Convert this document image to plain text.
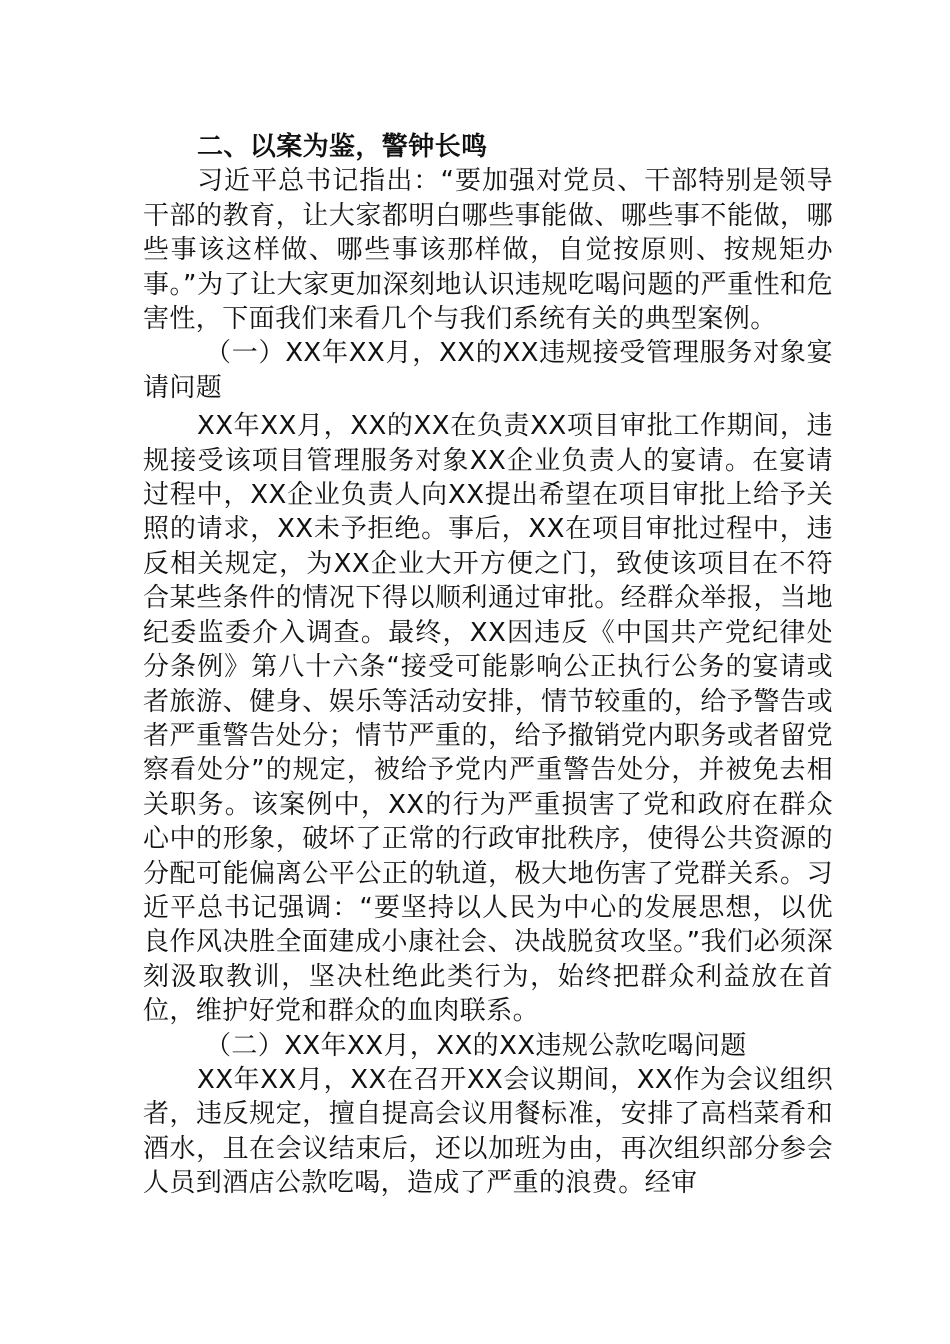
二、以案为鉴，警钟长鸣

习近平总书记指出：“要加强对党员、干部特别是领导干部的教育，让大家都明白哪些事能做、哪些事不能做，哪些事该这样做、哪些事该那样做，自觉按原则、按规矩办事。”为了让大家更加深刻地认识违规吃喝问题的严重性和危害性，下面我们来看几个与我们系统有关的典型案例。

（一）XX年XX月，XX的XX违规接受管理服务对象宴请问题

XX年XX月，XX的XX在负责XX项目审批工作期间，违规接受该项目管理服务对象XX企业负责人的宴请。在宴请过程中，XX企业负责人向XX提出希望在项目审批上给予关照的请求，XX未予拒绝。事后，XX在项目审批过程中，违反相关规定，为XX企业大开方便之门，致使该项目在不符合某些条件的情况下得以顺利通过审批。经群众举报，当地纪委监委介入调查。最终，XX因违反《中国共产党纪律处分条例》第八十六条“接受可能影响公正执行公务的宴请或者旅游、健身、娱乐等活动安排，情节较重的，给予警告或者严重警告处分；情节严重的，给予撤销党内职务或者留党察看处分”的规定，被给予党内严重警告处分，并被免去相关职务。该案例中，XX的行为严重损害了党和政府在群众心中的形象，破坏了正常的行政审批秩序，使得公共资源的分配可能偏离公平公正的轨道，极大地伤害了党群关系。习近平总书记强调：“要坚持以人民为中心的发展思想，以优良作风决胜全面建成小康社会、决战脱贫攻坚。”我们必须深刻汲取教训，坚决杜绝此类行为，始终把群众利益放在首位，维护好党和群众的血肉联系。

（二）XX年XX月，XX的XX违规公款吃喝问题

XX年XX月，XX在召开XX会议期间，XX作为会议组织者，违反规定，擅自提高会议用餐标准，安排了高档菜肴和酒水，且在会议结束后，还以加班为由，再次组织部分参会人员到酒店公款吃喝，造成了严重的浪费。经审
